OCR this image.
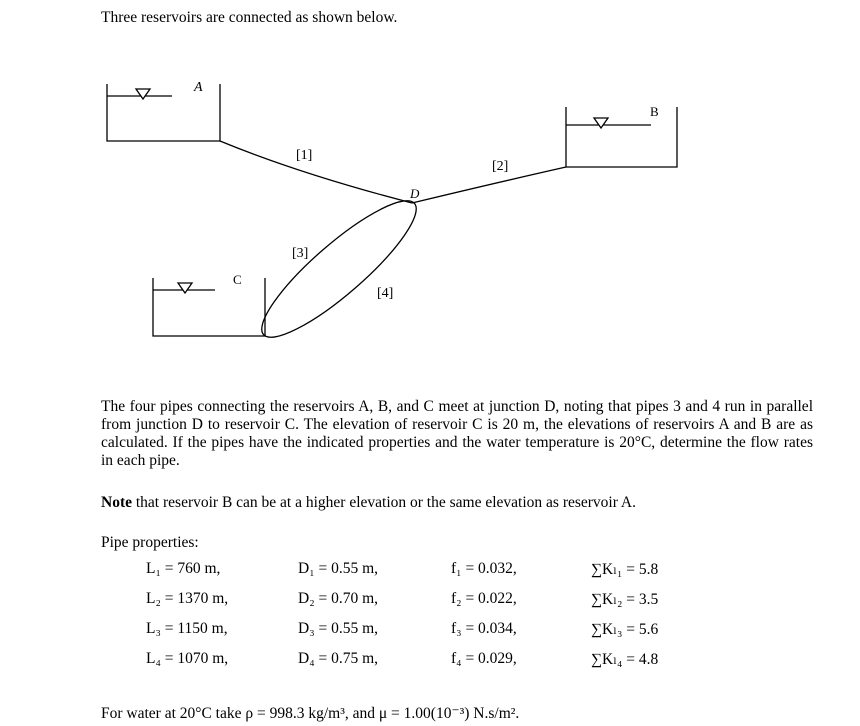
Three reservoirs are connected as shown below.
A
B
C
D
[1]
[2]
[3]
[4]
The four pipes connecting the reservoirs A, B, and C meet at junction D, noting that pipes 3 and 4 run in parallel from junction D to reservoir C. The elevation of reservoir C is 20 m, the elevations of reservoirs A and B are as calculated. If the pipes have the indicated properties and the water temperature is 20°C, determine the flow rates in each pipe.
Note that reservoir B can be at a higher elevation or the same elevation as reservoir A.
Pipe properties:
L₁ = 760 m,	D₁ = 0.55 m,	f₁ = 0.032,	∑Kₗ₁ = 5.8
L₂ = 1370 m,	D₂ = 0.70 m,	f₂ = 0.022,	∑Kₗ₂ = 3.5
L₃ = 1150 m,	D₃ = 0.55 m,	f₃ = 0.034,	∑Kₗ₃ = 5.6
L₄ = 1070 m,	D₄ = 0.75 m,	f₄ = 0.029,	∑Kₗ₄ = 4.8
For water at 20°C take ρ = 998.3 kg/m³, and μ = 1.00(10⁻³) N.s/m².
